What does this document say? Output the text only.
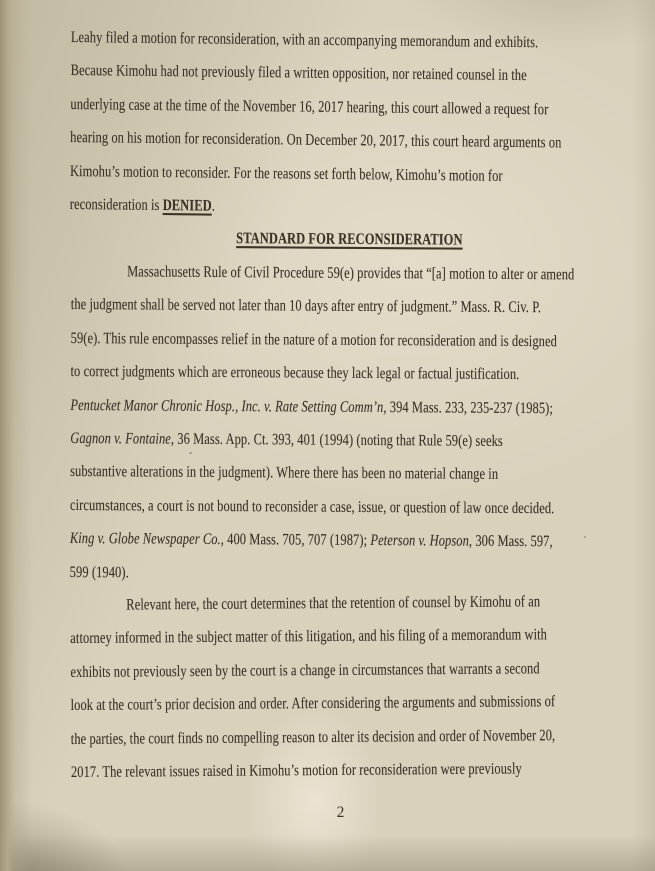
Leahy filed a motion for reconsideration, with an accompanying memorandum and exhibits.
Because Kimohu had not previously filed a written opposition, nor retained counsel in the
underlying case at the time of the November 16, 2017 hearing, this court allowed a request for
hearing on his motion for reconsideration. On December 20, 2017, this court heard arguments on
Kimohu’s motion to reconsider. For the reasons set forth below, Kimohu’s motion for
reconsideration is DENIED.
STANDARD FOR RECONSIDERATION
Massachusetts Rule of Civil Procedure 59(e) provides that “[a] motion to alter or amend
the judgment shall be served not later than 10 days after entry of judgment.” Mass. R. Civ. P.
59(e). This rule encompasses relief in the nature of a motion for reconsideration and is designed
to correct judgments which are erroneous because they lack legal or factual justification.
Pentucket Manor Chronic Hosp., Inc. v. Rate Setting Comm’n, 394 Mass. 233, 235-237 (1985);
Gagnon v. Fontaine, 36 Mass. App. Ct. 393, 401 (1994) (noting that Rule 59(e) seeks
substantive alterations in the judgment). Where there has been no material change in
circumstances, a court is not bound to reconsider a case, issue, or question of law once decided.
King v. Globe Newspaper Co., 400 Mass. 705, 707 (1987); Peterson v. Hopson, 306 Mass. 597,
599 (1940).
Relevant here, the court determines that the retention of counsel by Kimohu of an
attorney informed in the subject matter of this litigation, and his filing of a memorandum with
exhibits not previously seen by the court is a change in circumstances that warrants a second
look at the court’s prior decision and order. After considering the arguments and submissions of
the parties, the court finds no compelling reason to alter its decision and order of November 20,
2017. The relevant issues raised in Kimohu’s motion for reconsideration were previously
2
